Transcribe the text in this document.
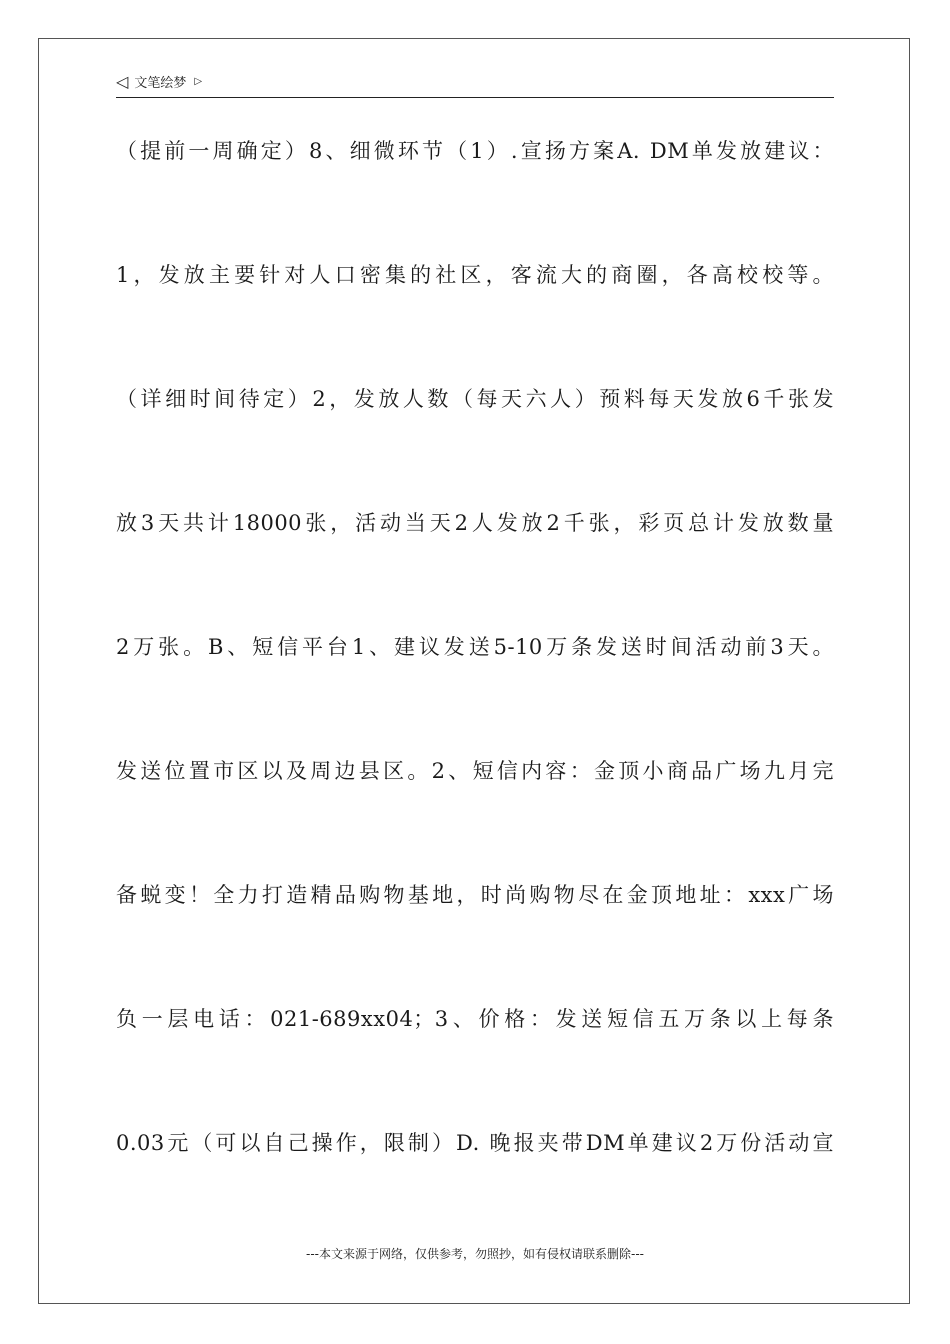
◁ 文笔绘梦 ▷
（提前一周确定）8、细微环节（1）.宣扬方案A. DM单发放建议：
1，发放主要针对人口密集的社区，客流大的商圈，各高校校等。
（详细时间待定）2，发放人数（每天六人）预料每天发放6千张发
放3天共计18000张，活动当天2人发放2千张，彩页总计发放数量
2万张。B、短信平台1、建议发送5-10万条发送时间活动前3天。
发送位置市区以及周边县区。2、短信内容：金顶小商品广场九月完
备蜕变！全力打造精品购物基地，时尚购物尽在金顶地址：xxx广场
负一层电话：021-689xx04；3、价格：发送短信五万条以上每条
0.03元（可以自己操作，限制）D. 晚报夹带DM单建议2万份活动宣
---本文来源于网络，仅供参考，勿照抄，如有侵权请联系删除---
